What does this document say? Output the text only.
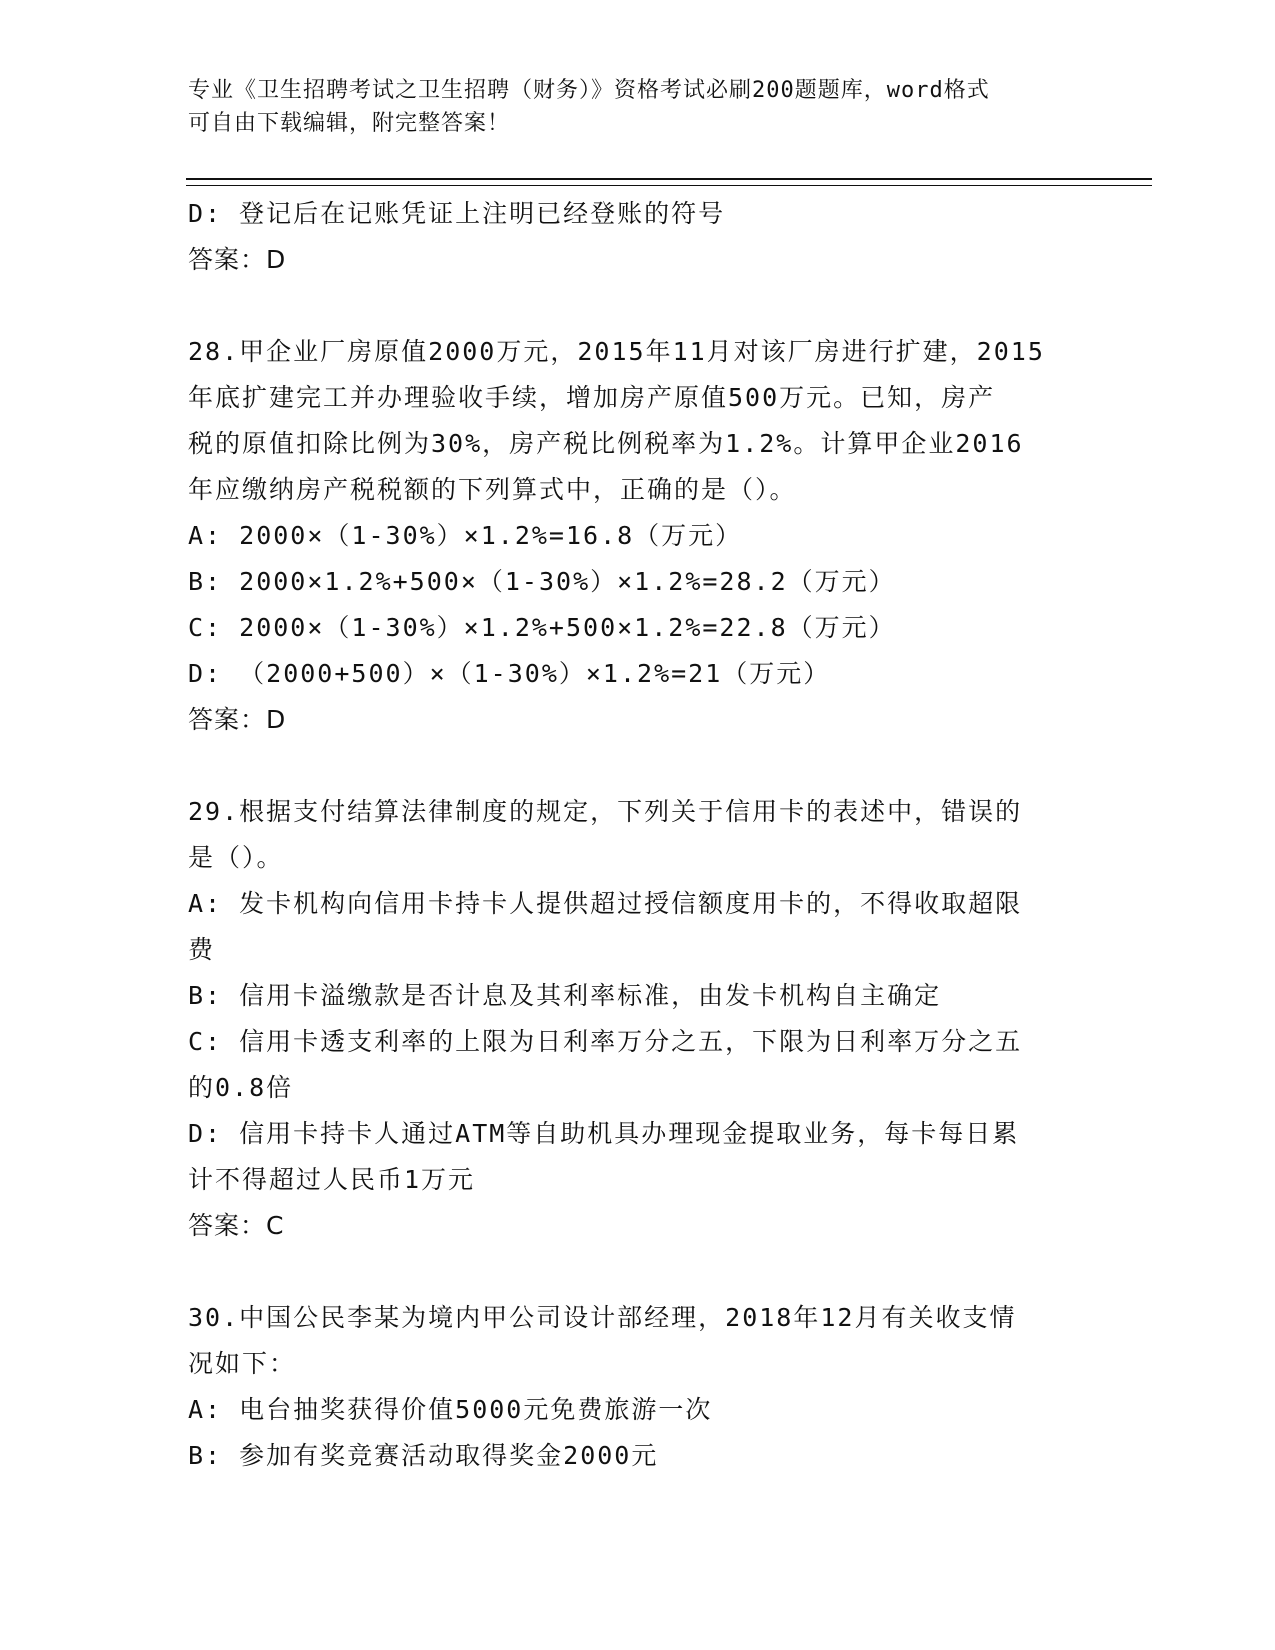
专业《卫生招聘考试之卫生招聘（财务）》资格考试必刷200题题库，word格式
可自由下载编辑，附完整答案！
D: 登记后在记账凭证上注明已经登账的符号
答案：D
28.甲企业厂房原值2000万元，2015年11月对该厂房进行扩建，2015
年底扩建完工并办理验收手续，增加房产原值500万元。已知，房产
税的原值扣除比例为30%，房产税比例税率为1.2%。计算甲企业2016
年应缴纳房产税税额的下列算式中，正确的是（）。
A: 2000×（1-30%）×1.2%=16.8（万元）
B: 2000×1.2%+500×（1-30%）×1.2%=28.2（万元）
C: 2000×（1-30%）×1.2%+500×1.2%=22.8（万元）
D: （2000+500）×（1-30%）×1.2%=21（万元）
答案：D
29.根据支付结算法律制度的规定，下列关于信用卡的表述中，错误的
是（）。
A: 发卡机构向信用卡持卡人提供超过授信额度用卡的，不得收取超限
费
B: 信用卡溢缴款是否计息及其利率标准，由发卡机构自主确定
C: 信用卡透支利率的上限为日利率万分之五，下限为日利率万分之五
的0.8倍
D: 信用卡持卡人通过ATM等自助机具办理现金提取业务，每卡每日累
计不得超过人民币1万元
答案：C
30.中国公民李某为境内甲公司设计部经理，2018年12月有关收支情
况如下：
A: 电台抽奖获得价值5000元免费旅游一次
B: 参加有奖竞赛活动取得奖金2000元
